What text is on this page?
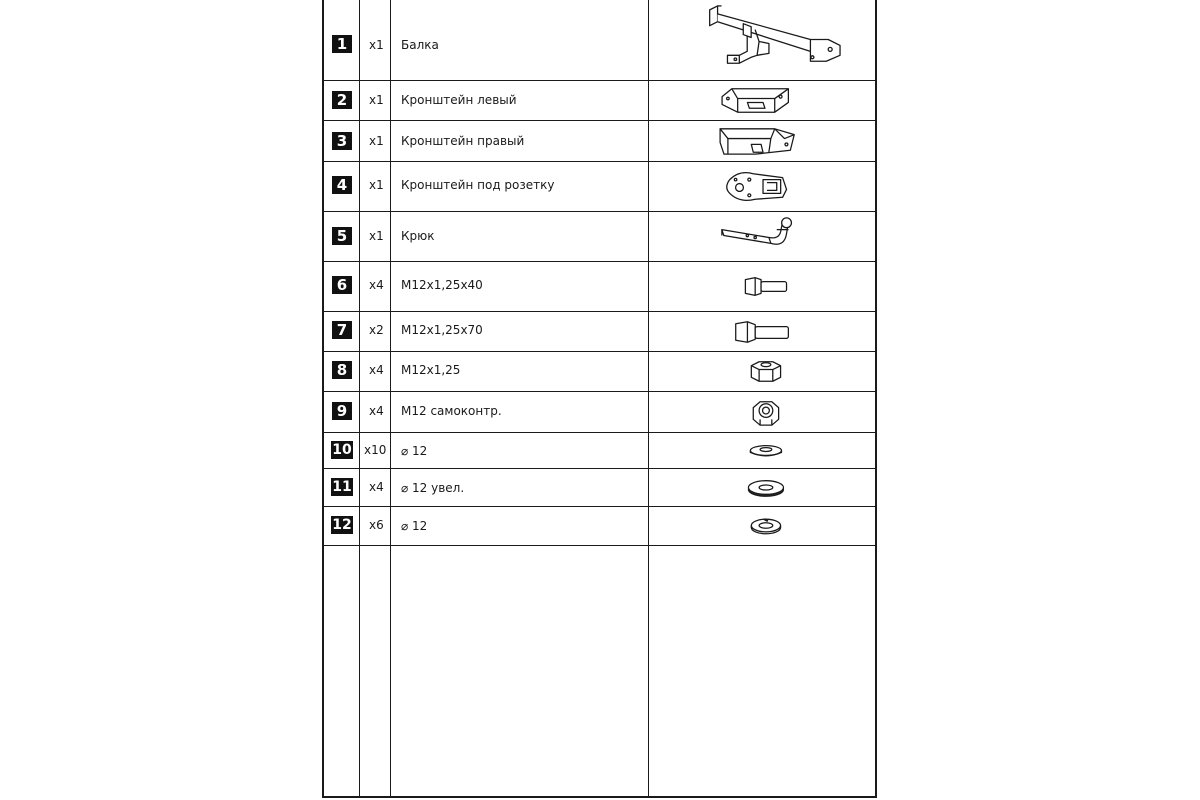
1	x1 Балка
2	x1 Кронштейн левый
3	x1 Кронштейн правый
4	x1 Кронштейн под розетку
5	x1 Крюк
6	x4 M12x1,25x40
7	x2 M12x1,25x70
8	x4 M12x1,25
9	x4 M12 самоконтр.
10 x10 ⌀ 12
11 x4 ⌀ 12 увел.
12 x6 ⌀ 12
